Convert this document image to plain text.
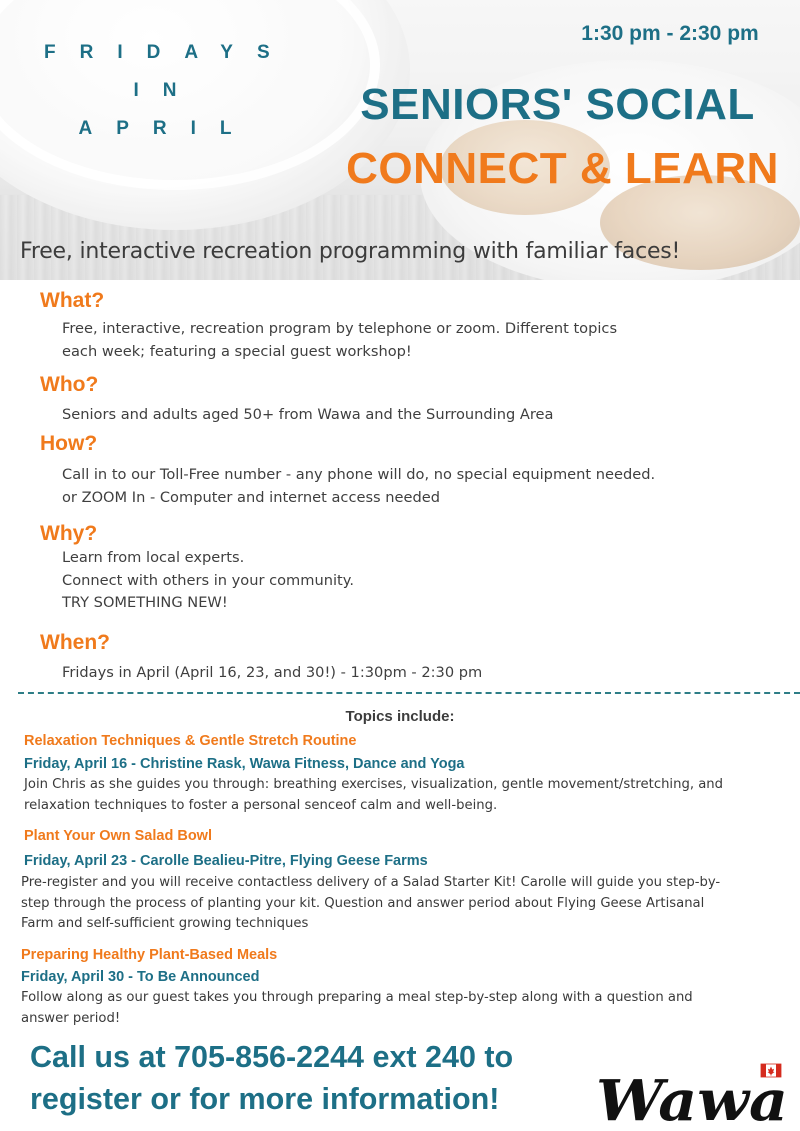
FRIDAYS
IN
APRIL
1:30 pm - 2:30 pm
SENIORS' SOCIAL
CONNECT & LEARN
Free, interactive recreation programming with familiar faces!
What?
Free, interactive, recreation program by telephone or zoom. Different topics
each week; featuring a special guest workshop!
Who?
Seniors and adults aged 50+ from Wawa and the Surrounding Area
How?
Call in to our Toll-Free number - any phone will do, no special equipment needed.
or ZOOM In - Computer and internet access needed
Why?
Learn from local experts.
Connect with others in your community.
TRY SOMETHING NEW!
When?
Fridays in April (April 16, 23, and 30!) - 1:30pm - 2:30 pm
Topics include:
Relaxation Techniques & Gentle Stretch Routine
Friday, April 16 - Christine Rask, Wawa Fitness, Dance and Yoga
Join Chris as she guides you through: breathing exercises, visualization, gentle movement/stretching, and
relaxation techniques to foster a personal senceof calm and well-being.
Plant Your Own Salad Bowl
Friday, April 23 - Carolle Bealieu-Pitre, Flying Geese Farms
Pre-register and you will receive contactless delivery of a Salad Starter Kit! Carolle will guide you step-by-
step through the process of planting your kit. Question and answer period about Flying Geese Artisanal
Farm and self-sufficient growing techniques
Preparing Healthy Plant-Based Meals
Friday, April 30 - To Be Announced
Follow along as our guest takes you through preparing a meal step-by-step along with a question and
answer period!
Call us at 705-856-2244 ext 240 to
register or for more information!	Wawa
